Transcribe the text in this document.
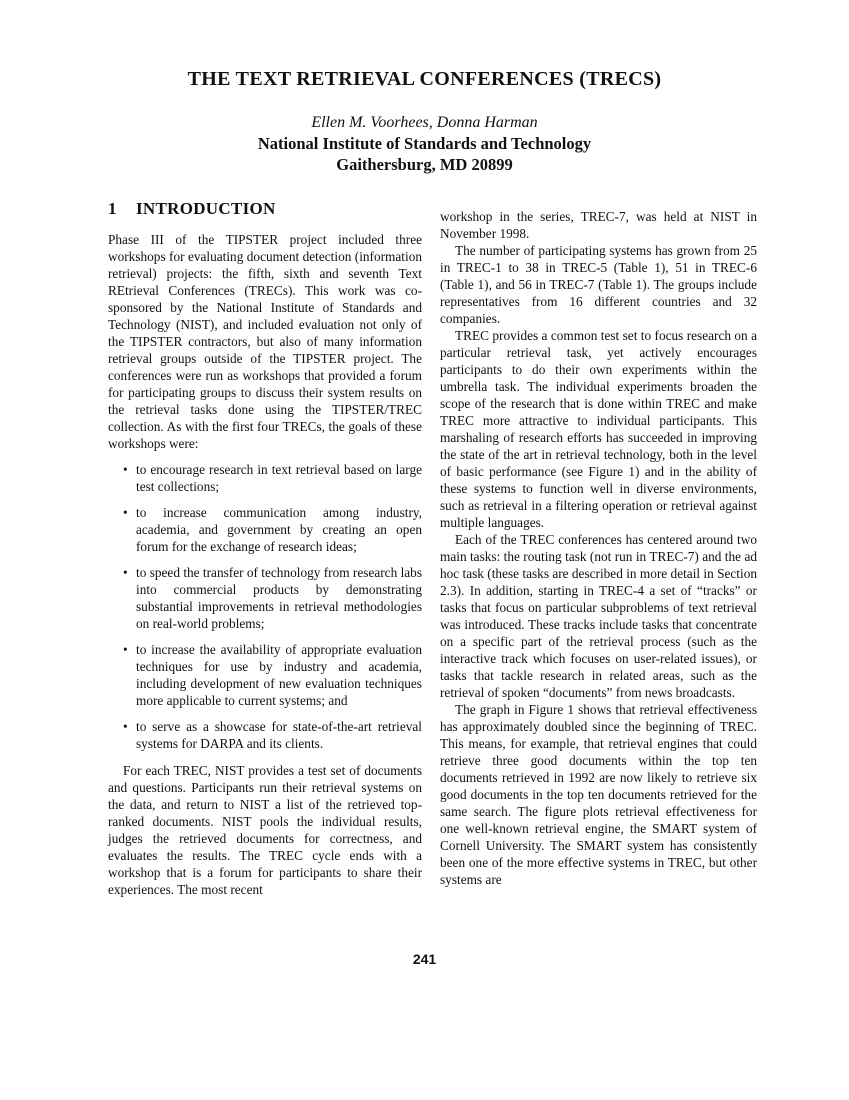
THE TEXT RETRIEVAL CONFERENCES (TRECS)
Ellen M. Voorhees, Donna Harman
National Institute of Standards and Technology
Gaithersburg, MD 20899
1 INTRODUCTION

Phase III of the TIPSTER project included three workshops for evaluating document detection (information retrieval) projects: the fifth, sixth and seventh Text REtrieval Conferences (TRECs). This work was co-sponsored by the National Institute of Standards and Technology (NIST), and included evaluation not only of the TIPSTER contractors, but also of many information retrieval groups outside of the TIPSTER project. The conferences were run as workshops that provided a forum for participating groups to discuss their system results on the retrieval tasks done using the TIPSTER/TREC collection. As with the first four TRECs, the goals of these workshops were:

• to encourage research in text retrieval based on large test collections;
• to increase communication among industry, academia, and government by creating an open forum for the exchange of research ideas;
• to speed the transfer of technology from research labs into commercial products by demonstrating substantial improvements in retrieval methodologies on real-world problems;
• to increase the availability of appropriate evaluation techniques for use by industry and academia, including development of new evaluation techniques more applicable to current systems; and
• to serve as a showcase for state-of-the-art retrieval systems for DARPA and its clients.

For each TREC, NIST provides a test set of documents and questions. Participants run their retrieval systems on the data, and return to NIST a list of the retrieved top-ranked documents. NIST pools the individual results, judges the retrieved documents for correctness, and evaluates the results. The TREC cycle ends with a workshop that is a forum for participants to share their experiences. The most recent

workshop in the series, TREC-7, was held at NIST in November 1998.

The number of participating systems has grown from 25 in TREC-1 to 38 in TREC-5 (Table 1), 51 in TREC-6 (Table 1), and 56 in TREC-7 (Table 1). The groups include representatives from 16 different countries and 32 companies.

TREC provides a common test set to focus research on a particular retrieval task, yet actively encourages participants to do their own experiments within the umbrella task. The individual experiments broaden the scope of the research that is done within TREC and make TREC more attractive to individual participants. This marshaling of research efforts has succeeded in improving the state of the art in retrieval technology, both in the level of basic performance (see Figure 1) and in the ability of these systems to function well in diverse environments, such as retrieval in a filtering operation or retrieval against multiple languages.

Each of the TREC conferences has centered around two main tasks: the routing task (not run in TREC-7) and the ad hoc task (these tasks are described in more detail in Section 2.3). In addition, starting in TREC-4 a set of “tracks” or tasks that focus on particular subproblems of text retrieval was introduced. These tracks include tasks that concentrate on a specific part of the retrieval process (such as the interactive track which focuses on user-related issues), or tasks that tackle research in related areas, such as the retrieval of spoken “documents” from news broadcasts.

The graph in Figure 1 shows that retrieval effectiveness has approximately doubled since the beginning of TREC. This means, for example, that retrieval engines that could retrieve three good documents within the top ten documents retrieved in 1992 are now likely to retrieve six good documents in the top ten documents retrieved for the same search. The figure plots retrieval effectiveness for one well-known retrieval engine, the SMART system of Cornell University. The SMART system has consistently been one of the more effective systems in TREC, but other systems are

241
